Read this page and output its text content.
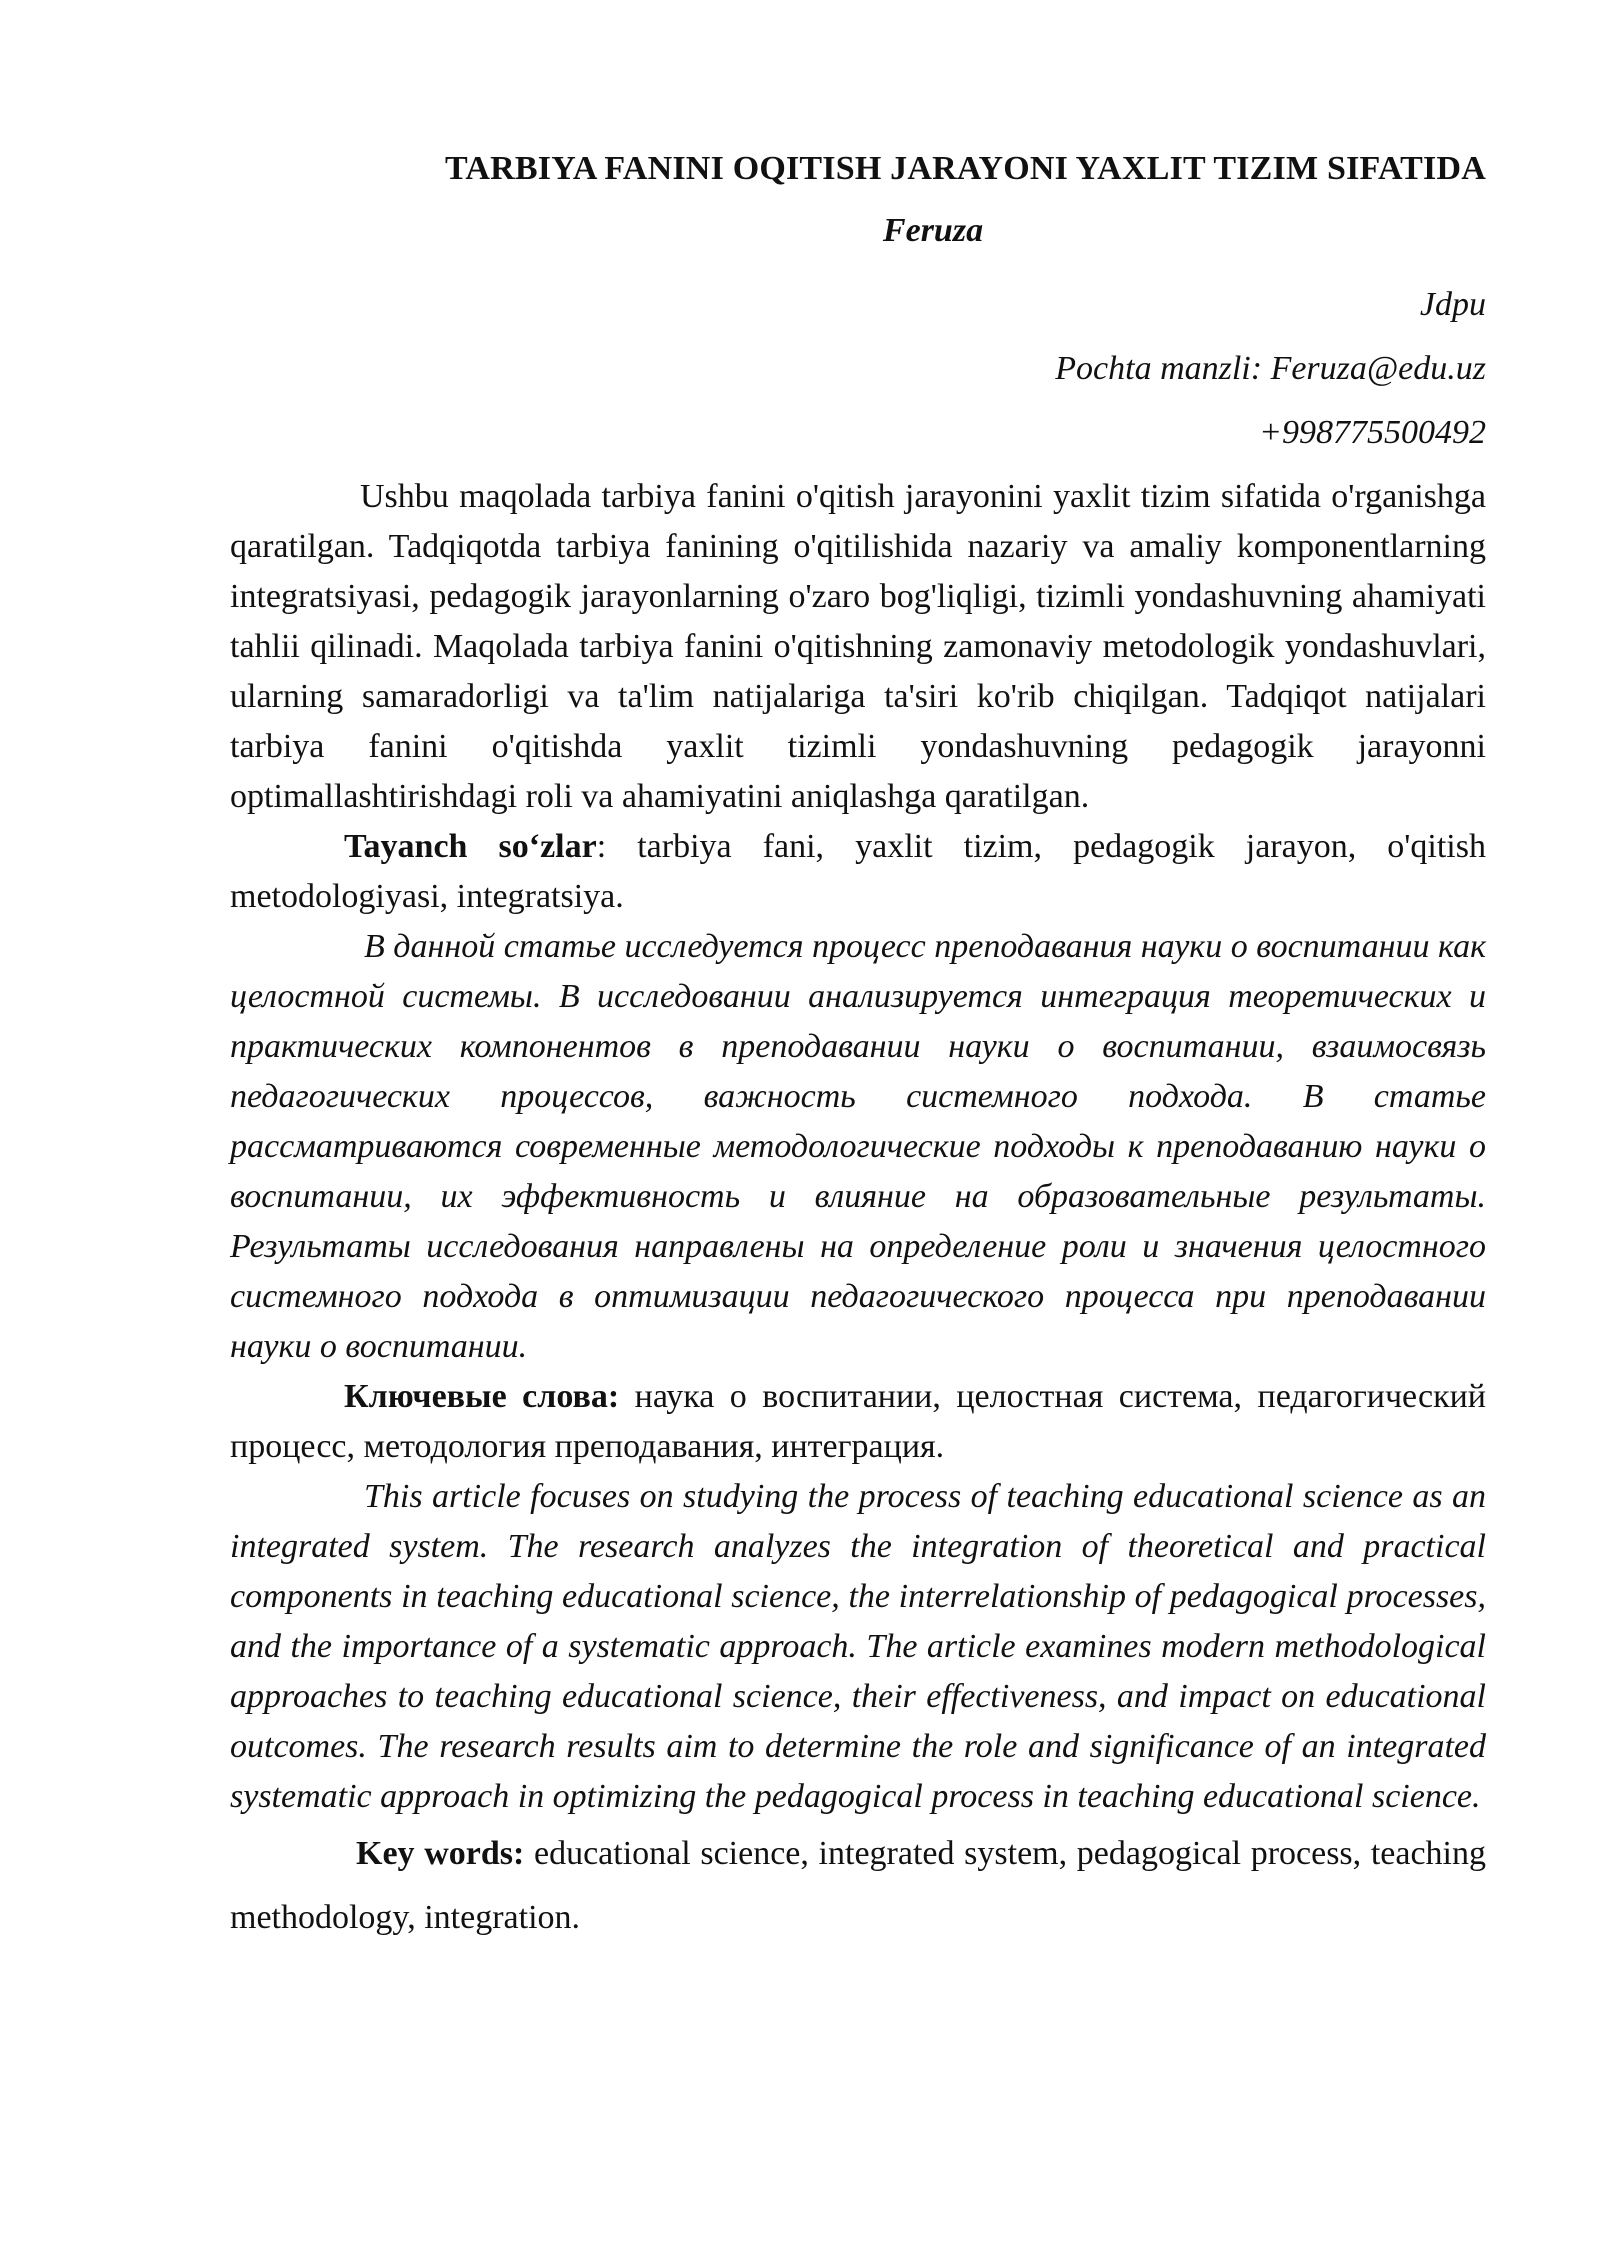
TARBIYA FANINI OQITISH JARAYONI YAXLIT TIZIM SIFATIDA

Feruza

Jdpu

Pochta manzli: Feruza@edu.uz

+998775500492

Ushbu maqolada tarbiya fanini o'qitish jarayonini yaxlit tizim sifatida o'rganishga qaratilgan. Tadqiqotda tarbiya fanining o'qitilishida nazariy va amaliy komponentlarning integratsiyasi, pedagogik jarayonlarning o'zaro bog'liqligi, tizimli yondashuvning ahamiyati tahlii qilinadi. Maqolada tarbiya fanini o'qitishning zamonaviy metodologik yondashuvlari, ularning samaradorligi va ta'lim natijalariga ta'siri ko'rib chiqilgan. Tadqiqot natijalari tarbiya fanini o'qitishda yaxlit tizimli yondashuvning pedagogik jarayonni optimallashtirishdagi roli va ahamiyatini aniqlashga qaratilgan.

Tayanch so‘zlar: tarbiya fani, yaxlit tizim, pedagogik jarayon, o'qitish metodologiyasi, integratsiya.

В данной статье исследуется процесс преподавания науки о воспитании как целостной системы. В исследовании анализируется интеграция теоретических и практических компонентов в преподавании науки о воспитании, взаимосвязь педагогических процессов, важность системного подхода. В статье рассматриваются современные методологические подходы к преподаванию науки о воспитании, их эффективность и влияние на образовательные результаты. Результаты исследования направлены на определение роли и значения целостного системного подхода в оптимизации педагогического процесса при преподавании науки о воспитании.

Ключевые слова: наука о воспитании, целостная система, педагогический процесс, методология преподавания, интеграция.

This article focuses on studying the process of teaching educational science as an integrated system. The research analyzes the integration of theoretical and practical components in teaching educational science, the interrelationship of pedagogical processes, and the importance of a systematic approach. The article examines modern methodological approaches to teaching educational science, their effectiveness, and impact on educational outcomes. The research results aim to determine the role and significance of an integrated systematic approach in optimizing the pedagogical process in teaching educational science.

Key words: educational science, integrated system, pedagogical process, teaching methodology, integration.
